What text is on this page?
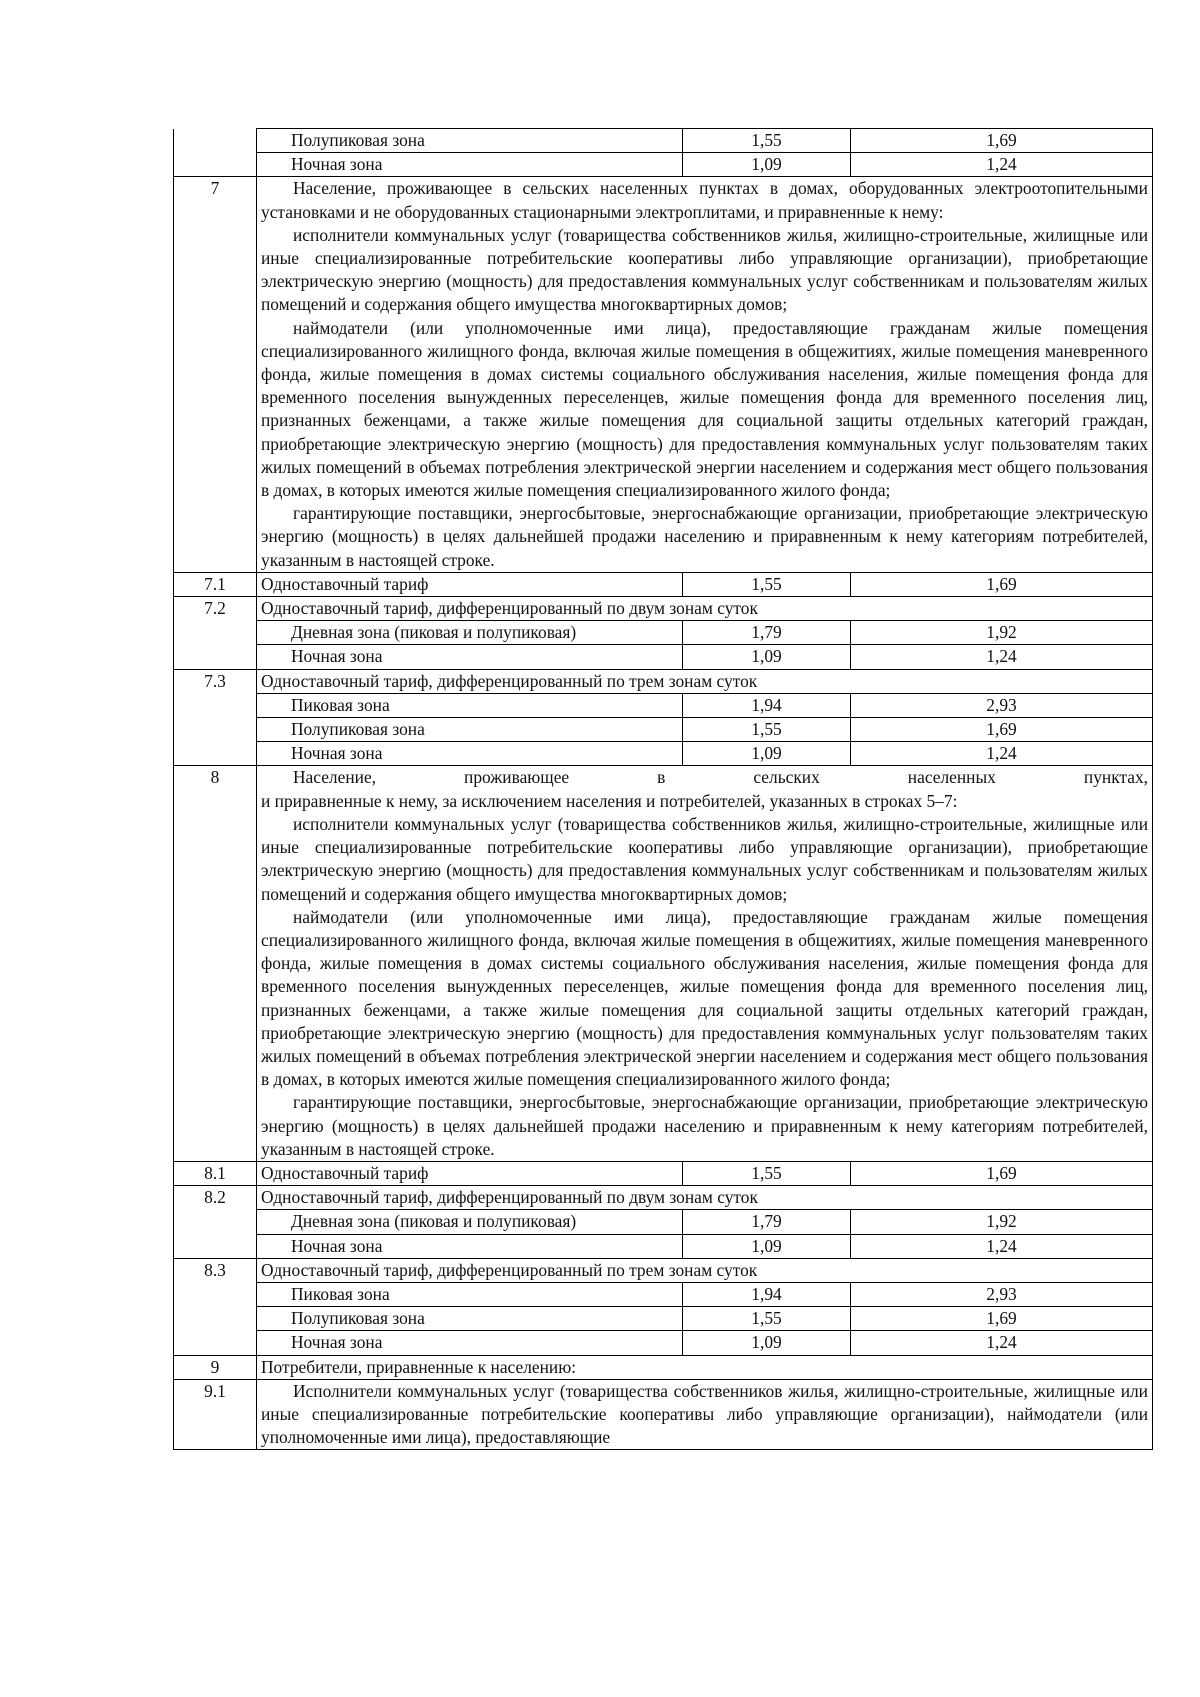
	Полупиковая зона	1,55	1,69
	Ночная зона	1,09	1,24
7	Население, проживающее в сельских населенных пунктах в домах, оборудованных электроотопительными установками и не оборудованных стационарными электроплитами, и приравненные к нему:

исполнители коммунальных услуг (товарищества собственников жилья, жилищно-строительные, жилищные или иные специализированные потребительские кооперативы либо управляющие организации), приобретающие электрическую энергию (мощность) для предоставления коммунальных услуг собственникам и пользователям жилых помещений и содержания общего имущества многоквартирных домов;

наймодатели (или уполномоченные ими лица), предоставляющие гражданам жилые помещения специализированного жилищного фонда, включая жилые помещения в общежитиях, жилые помещения маневренного фонда, жилые помещения в домах системы социального обслуживания населения, жилые помещения фонда для временного поселения вынужденных переселенцев, жилые помещения фонда для временного поселения лиц, признанных беженцами, а также жилые помещения для социальной защиты отдельных категорий граждан, приобретающие электрическую энергию (мощность) для предоставления коммунальных услуг пользователям таких жилых помещений в объемах потребления электрической энергии населением и содержания мест общего пользования в домах, в которых имеются жилые помещения специализированного жилого фонда;

гарантирующие поставщики, энергосбытовые, энергоснабжающие организации, приобретающие электрическую энергию (мощность) в целях дальнейшей продажи населению и приравненным к нему категориям потребителей, указанным в настоящей строке.		

7.1	Одноставочный тариф	1,55	1,69
7.2	Одноставочный тариф, дифференцированный по двум зонам суток		
	Дневная зона (пиковая и полупиковая)	1,79	1,92
	Ночная зона	1,09	1,24
7.3	Одноставочный тариф, дифференцированный по трем зонам суток		
	Пиковая зона	1,94	2,93
	Полупиковая зона	1,55	1,69
	Ночная зона	1,09	1,24
8	Население, проживающее в сельских населенных пунктах,

и приравненные к нему, за исключением населения и потребителей, указанных в строках 5–7:

исполнители коммунальных услуг (товарищества собственников жилья, жилищно-строительные, жилищные или иные специализированные потребительские кооперативы либо управляющие организации), приобретающие электрическую энергию (мощность) для предоставления коммунальных услуг собственникам и пользователям жилых помещений и содержания общего имущества многоквартирных домов;

наймодатели (или уполномоченные ими лица), предоставляющие гражданам жилые помещения специализированного жилищного фонда, включая жилые помещения в общежитиях, жилые помещения маневренного фонда, жилые помещения в домах системы социального обслуживания населения, жилые помещения фонда для временного поселения вынужденных переселенцев, жилые помещения фонда для временного поселения лиц, признанных беженцами, а также жилые помещения для социальной защиты отдельных категорий граждан, приобретающие электрическую энергию (мощность) для предоставления коммунальных услуг пользователям таких жилых помещений в объемах потребления электрической энергии населением и содержания мест общего пользования в домах, в которых имеются жилые помещения специализированного жилого фонда;

гарантирующие поставщики, энергосбытовые, энергоснабжающие организации, приобретающие электрическую энергию (мощность) в целях дальнейшей продажи населению и приравненным к нему категориям потребителей, указанным в настоящей строке.		

8.1	Одноставочный тариф	1,55	1,69
8.2	Одноставочный тариф, дифференцированный по двум зонам суток		
	Дневная зона (пиковая и полупиковая)	1,79	1,92
	Ночная зона	1,09	1,24
8.3	Одноставочный тариф, дифференцированный по трем зонам суток		
	Пиковая зона	1,94	2,93
	Полупиковая зона	1,55	1,69
	Ночная зона	1,09	1,24
9	Потребители, приравненные к населению:		
9.1	Исполнители коммунальных услуг (товарищества собственников жилья, жилищно-строительные, жилищные или иные специализированные потребительские кооперативы либо управляющие организации), наймодатели (или уполномоченные ими лица), предоставляющие		
